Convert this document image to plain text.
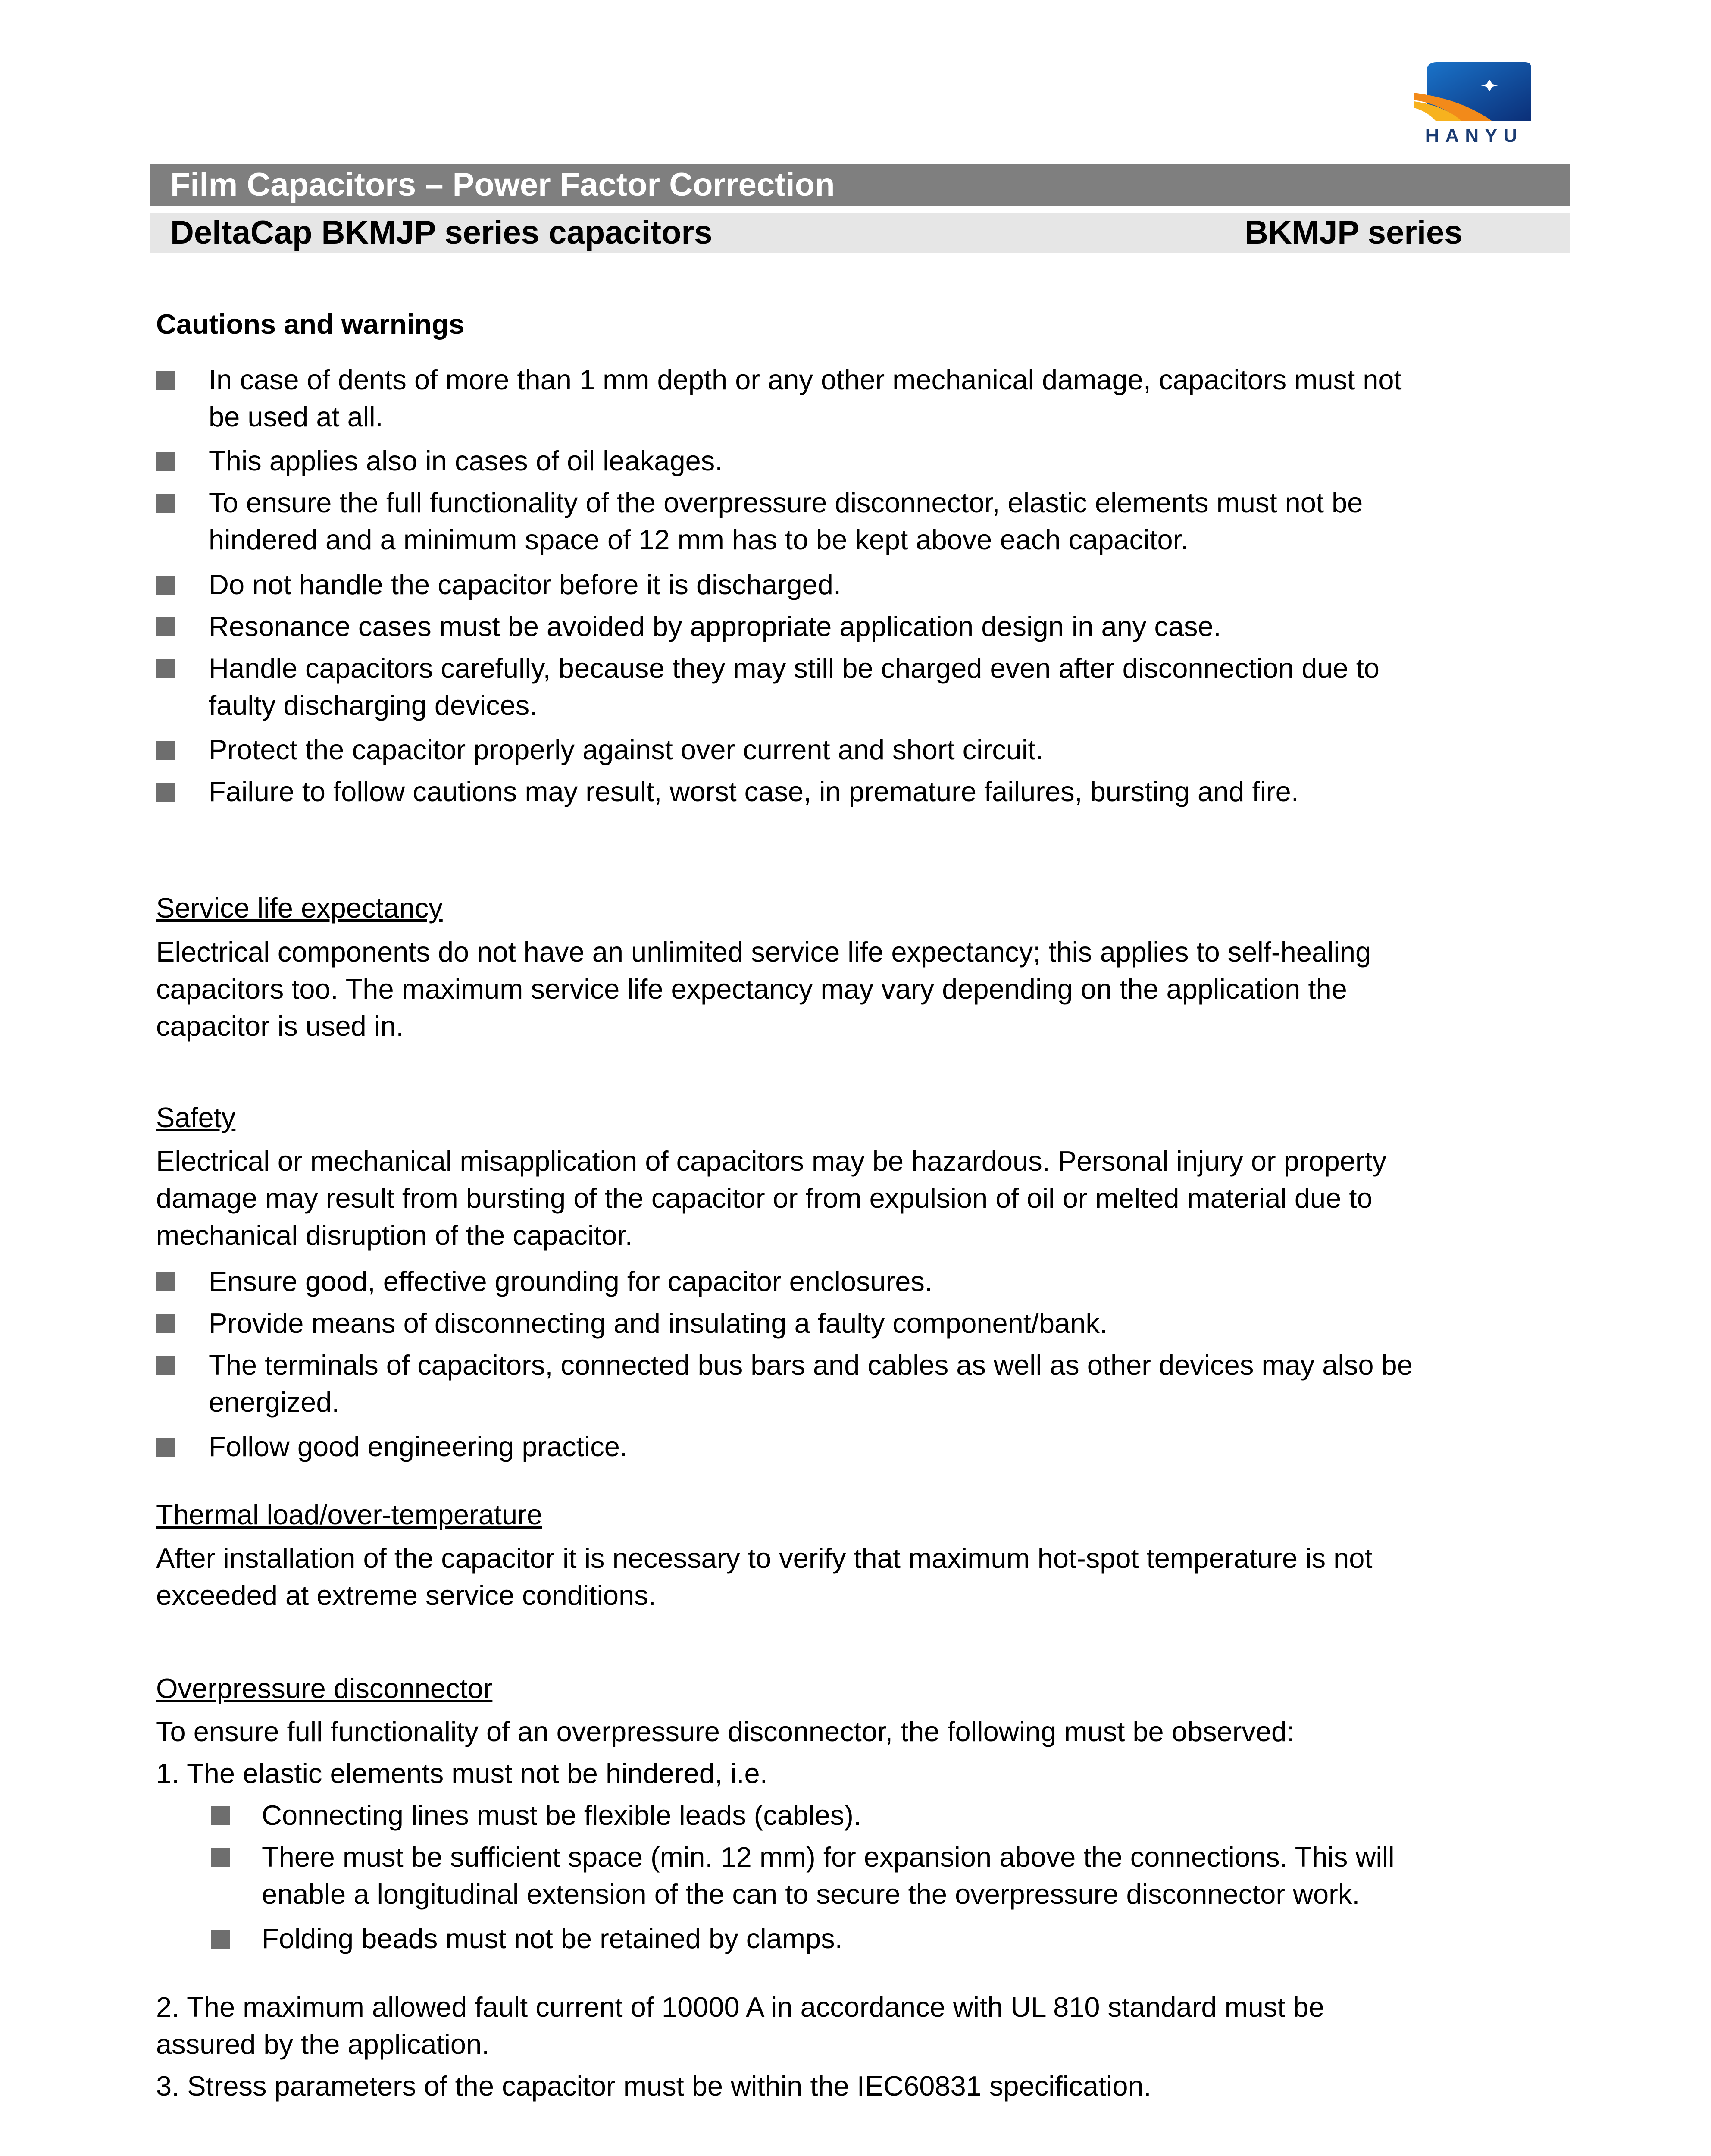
HANYU
Film Capacitors – Power Factor Correction
DeltaCap BKMJP series capacitors	BKMJP series
Cautions and warnings
In case of dents of more than 1 mm depth or any other mechanical damage, capacitors must not
be used at all.
This applies also in cases of oil leakages.
To ensure the full functionality of the overpressure disconnector, elastic elements must not be
hindered and a minimum space of 12 mm has to be kept above each capacitor.
Do not handle the capacitor before it is discharged.
Resonance cases must be avoided by appropriate application design in any case.
Handle capacitors carefully, because they may still be charged even after disconnection due to
faulty discharging devices.
Protect the capacitor properly against over current and short circuit.
Failure to follow cautions may result, worst case, in premature failures, bursting and fire.
Service life expectancy
Electrical components do not have an unlimited service life expectancy; this applies to self-healing
capacitors too. The maximum service life expectancy may vary depending on the application the
capacitor is used in.
Safety
Electrical or mechanical misapplication of capacitors may be hazardous. Personal injury or property
damage may result from bursting of the capacitor or from expulsion of oil or melted material due to
mechanical disruption of the capacitor.
Ensure good, effective grounding for capacitor enclosures.
Provide means of disconnecting and insulating a faulty component/bank.
The terminals of capacitors, connected bus bars and cables as well as other devices may also be
energized.
Follow good engineering practice.
Thermal load/over-temperature
After installation of the capacitor it is necessary to verify that maximum hot-spot temperature is not
exceeded at extreme service conditions.
Overpressure disconnector
To ensure full functionality of an overpressure disconnector, the following must be observed:
1. The elastic elements must not be hindered, i.e.
Connecting lines must be flexible leads (cables).
There must be sufficient space (min. 12 mm) for expansion above the connections. This will
enable a longitudinal extension of the can to secure the overpressure disconnector work.
Folding beads must not be retained by clamps.
2. The maximum allowed fault current of 10000 A in accordance with UL 810 standard must be
assured by the application.
3. Stress parameters of the capacitor must be within the IEC60831 specification.
